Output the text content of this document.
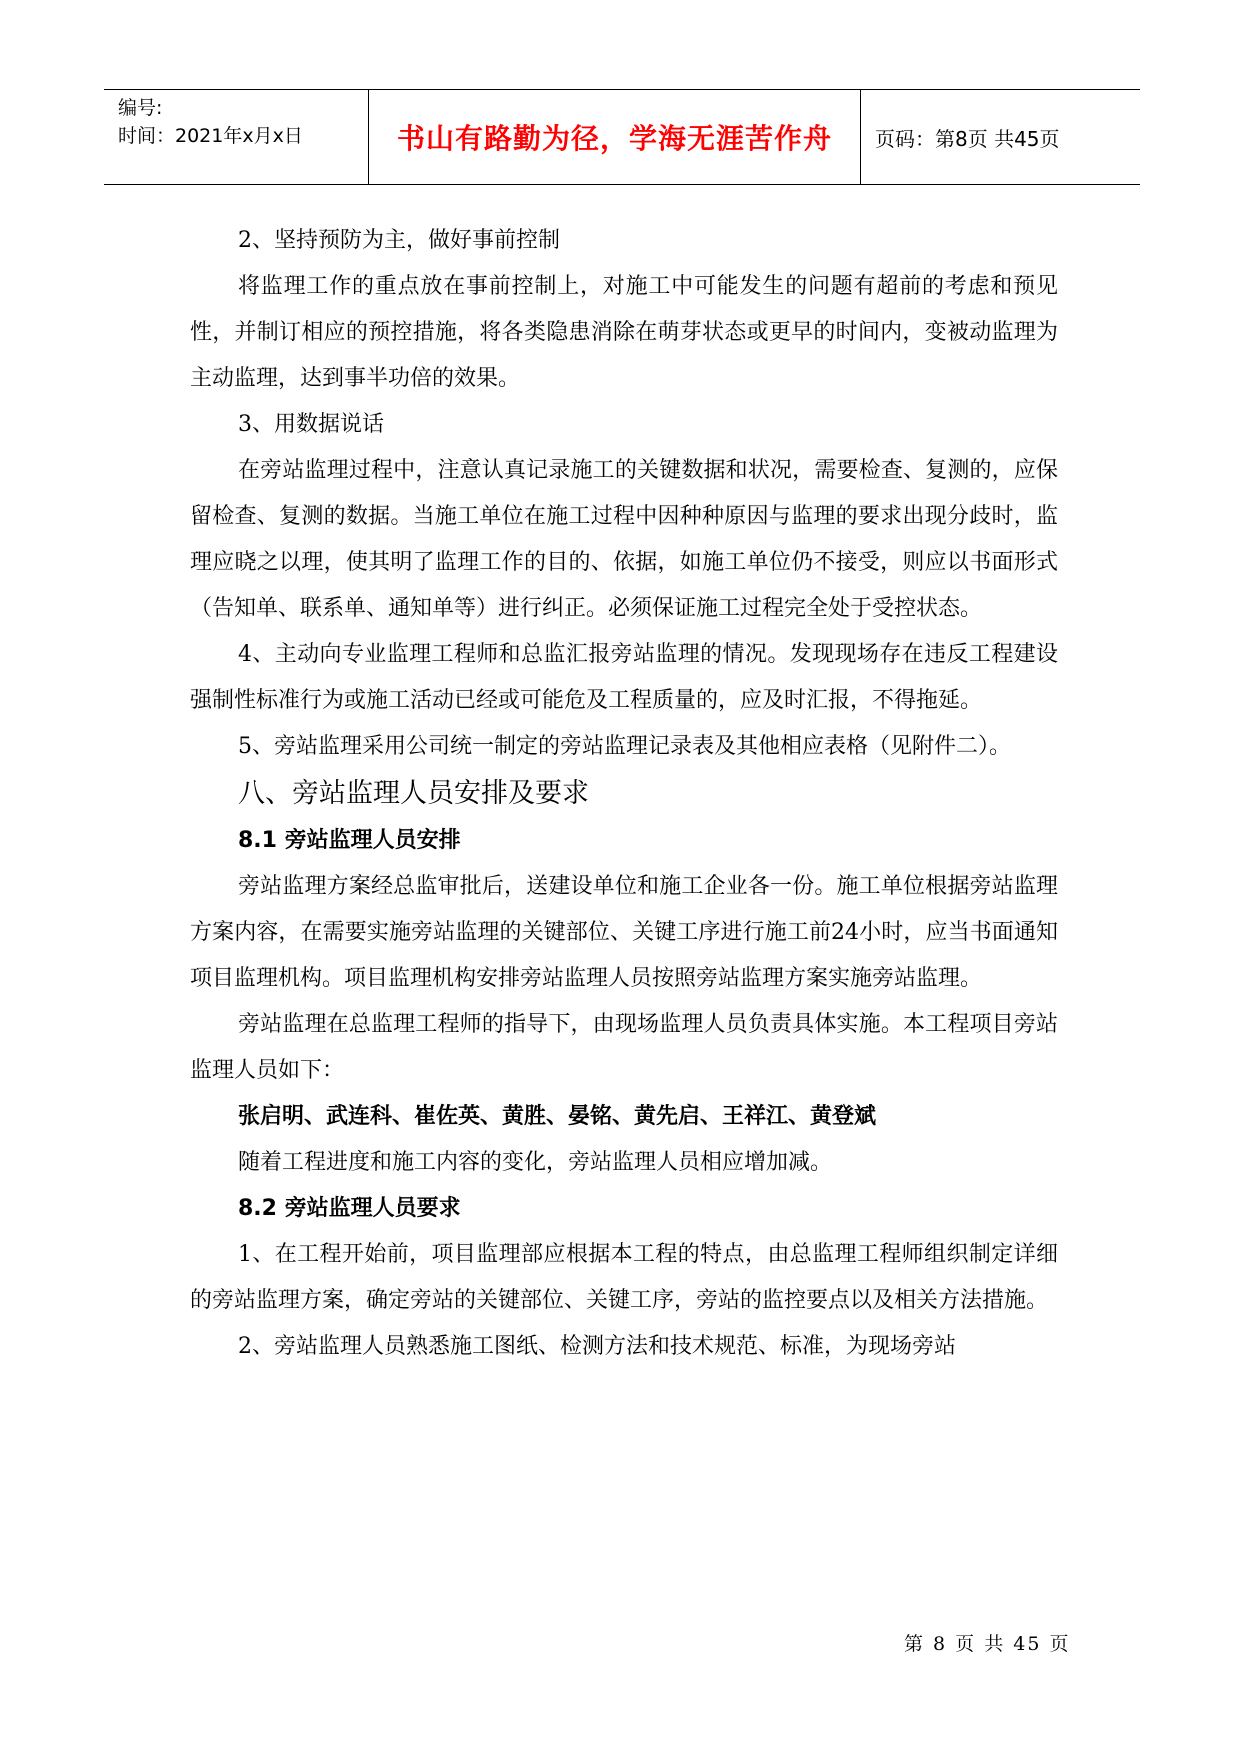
编号:
时间：2021年x月x日	书山有路勤为径，学海无涯苦作舟	页码：第8页 共45页

2、坚持预防为主，做好事前控制

将监理工作的重点放在事前控制上，对施工中可能发生的问题有超前的考虑和预见性，并制订相应的预控措施，将各类隐患消除在萌芽状态或更早的时间内，变被动监理为主动监理，达到事半功倍的效果。

3、用数据说话

在旁站监理过程中，注意认真记录施工的关键数据和状况，需要检查、复测的，应保留检查、复测的数据。当施工单位在施工过程中因种种原因与监理的要求出现分歧时，监理应晓之以理，使其明了监理工作的目的、依据，如施工单位仍不接受，则应以书面形式（告知单、联系单、通知单等）进行纠正。必须保证施工过程完全处于受控状态。

4、主动向专业监理工程师和总监汇报旁站监理的情况。发现现场存在违反工程建设强制性标准行为或施工活动已经或可能危及工程质量的，应及时汇报，不得拖延。

5、旁站监理采用公司统一制定的旁站监理记录表及其他相应表格（见附件二）。

八、旁站监理人员安排及要求

8.1 旁站监理人员安排

旁站监理方案经总监审批后，送建设单位和施工企业各一份。施工单位根据旁站监理方案内容，在需要实施旁站监理的关键部位、关键工序进行施工前24小时，应当书面通知项目监理机构。项目监理机构安排旁站监理人员按照旁站监理方案实施旁站监理。

旁站监理在总监理工程师的指导下，由现场监理人员负责具体实施。本工程项目旁站监理人员如下：

张启明、武连科、崔佐英、黄胜、晏铭、黄先启、王祥江、黄登斌

随着工程进度和施工内容的变化，旁站监理人员相应增加减。

8.2 旁站监理人员要求

1、在工程开始前，项目监理部应根据本工程的特点，由总监理工程师组织制定详细的旁站监理方案，确定旁站的关键部位、关键工序，旁站的监控要点以及相关方法措施。

2、旁站监理人员熟悉施工图纸、检测方法和技术规范、标准，为现场旁站

第 8 页 共 45 页
